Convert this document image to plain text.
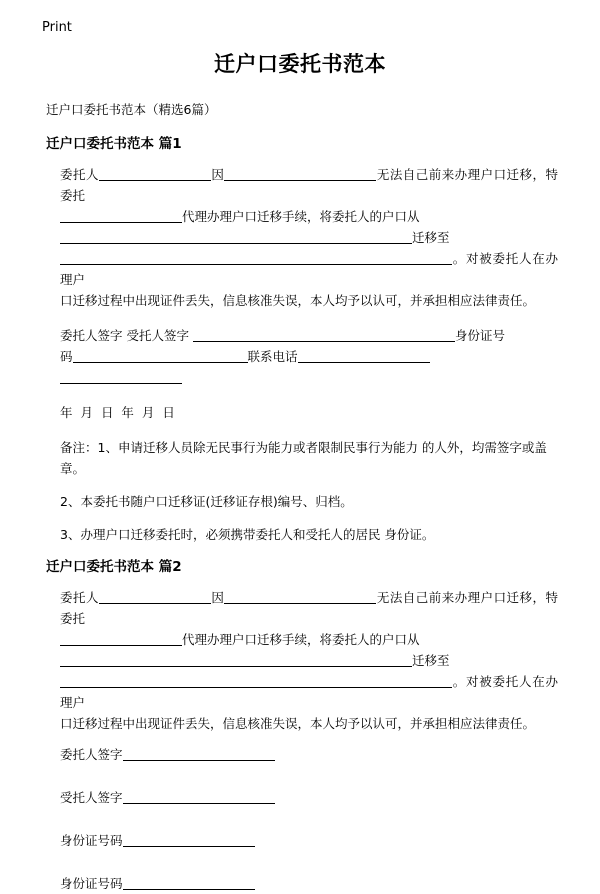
Print
迁户口委托书范本

迁户口委托书范本（精选6篇）

迁户口委托书范本 篇1

委托人	因	无法自己前来办理户口迁移，特委托

代理办理户口迁移手续，将委托人的户口从

迁移至

。对被委托人在办理户

口迁移过程中出现证件丢失，信息核准失误，本人均予以认可，并承担相应法律责任。

委托人签字 受托人签字	身份证号

码	联系电话

年 月 日 年 月 日

备注：1、申请迁移人员除无民事行为能力或者限制民事行为能力 的人外，均需签字或盖章。

2、本委托书随户口迁移证(迁移证存根)编号、归档。

3、办理户口迁移委托时，必须携带委托人和受托人的居民 身份证。

迁户口委托书范本 篇2

委托人	因	无法自己前来办理户口迁移，特委托

代理办理户口迁移手续，将委托人的户口从

迁移至

。对被委托人在办理户

口迁移过程中出现证件丢失，信息核准失误，本人均予以认可，并承担相应法律责任。

委托人签字

受托人签字

身份证号码

身份证号码
